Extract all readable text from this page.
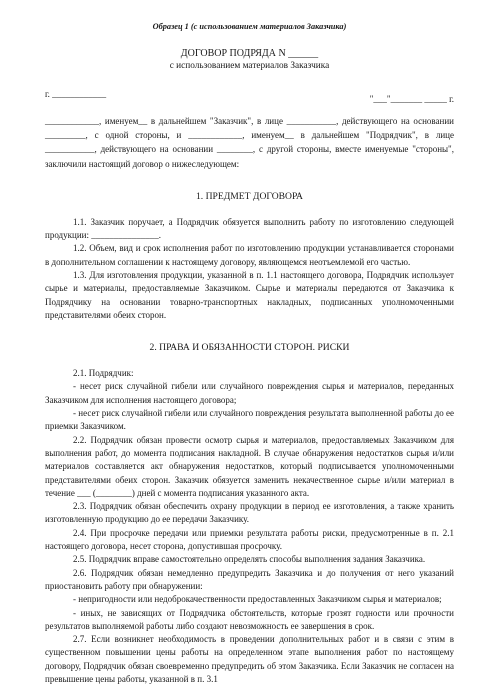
Образец 1 (с использованием материалов Заказчика)

ДОГОВОР ПОДРЯДА N ______

с использованием материалов Заказчика

г. ____________	"___"_______ _____ г.

____________, именуем__ в дальнейшем "Заказчик", в лице ___________, действующего на основании _________, с одной стороны, и ____________, именуем__ в дальнейшем "Подрядчик", в лице ___________, действующего на основании ________, с другой стороны, вместе именуемые "стороны", заключили настоящий договор о нижеследующем:

1. ПРЕДМЕТ ДОГОВОРА

1.1. Заказчик поручает, а Подрядчик обязуется выполнить работу по изготовлению следующей продукции: _______________.

1.2. Объем, вид и срок исполнения работ по изготовлению продукции устанавливается сторонами в дополнительном соглашении к настоящему договору, являющемся неотъемлемой его частью.

1.3. Для изготовления продукции, указанной в п. 1.1 настоящего договора, Подрядчик использует сырье и материалы, предоставляемые Заказчиком. Сырье и материалы передаются от Заказчика к Подрядчику на основании товарно-транспортных накладных, подписанных уполномоченными представителями обеих сторон.

2. ПРАВА И ОБЯЗАННОСТИ СТОРОН. РИСКИ

2.1. Подрядчик:

- несет риск случайной гибели или случайного повреждения сырья и материалов, переданных Заказчиком для исполнения настоящего договора;

- несет риск случайной гибели или случайного повреждения результата выполненной работы до ее приемки Заказчиком.

2.2. Подрядчик обязан провести осмотр сырья и материалов, предоставляемых Заказчиком для выполнения работ, до момента подписания накладной. В случае обнаружения недостатков сырья и/или материалов составляется акт обнаружения недостатков, который подписывается уполномоченными представителями обеих сторон. Заказчик обязуется заменить некачественное сырье и/или материал в течение ___ (________) дней с момента подписания указанного акта.

2.3. Подрядчик обязан обеспечить охрану продукции в период ее изготовления, а также хранить изготовленную продукцию до ее передачи Заказчику.

2.4. При просрочке передачи или приемки результата работы риски, предусмотренные в п. 2.1 настоящего договора, несет сторона, допустившая просрочку.

2.5. Подрядчик вправе самостоятельно определять способы выполнения задания Заказчика.

2.6. Подрядчик обязан немедленно предупредить Заказчика и до получения от него указаний приостановить работу при обнаружении:

- непригодности или недоброкачественности предоставленных Заказчиком сырья и материалов;

- иных, не зависящих от Подрядчика обстоятельств, которые грозят годности или прочности результатов выполняемой работы либо создают невозможность ее завершения в срок.

2.7. Если возникнет необходимость в проведении дополнительных работ и в связи с этим в существенном повышении цены работы на определенном этапе выполнения работ по настоящему договору, Подрядчик обязан своевременно предупредить об этом Заказчика. Если Заказчик не согласен на превышение цены работы, указанной в п. 3.1
